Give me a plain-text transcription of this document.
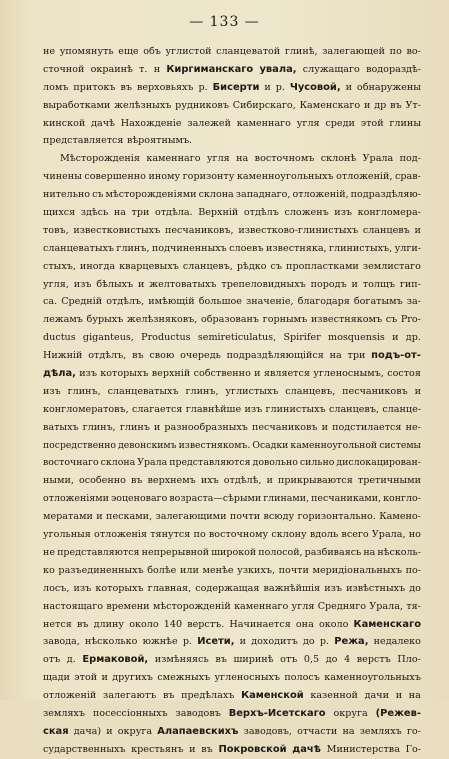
— 133 —
не упомянуть еще объ углистой сланцеватой глинѣ, залегающей по во-
сточной окраинѣ т. н Киргиманскаго увала, служащаго водораздѣ-
ломъ притокъ въ верховьяхъ р. Бисерти и р. Чусовой, и обнаружены
выработками желѣзныхъ рудниковъ Сибирскаго, Каменскаго и др въ Ут-
кинской дачѣ Нахожденіе залежей каменнаго угля среди этой глины
представляется вѣроятнымъ.
Мѣсторожденія каменнаго угля на восточномъ склонѣ Урала под-
чинены совершенно иному горизонту каменноугольныхъ отложеній, срав-
нительно съ мѣсторожденіями склона западнаго, отложеній, подраздѣляю-
щихся здѣсь на три отдѣла. Верхній отдѣлъ сложенъ изъ конгломера-
товъ, известковистыхъ песчаниковъ, известково-глинистыхъ сланцевъ и
сланцеватыхъ глинъ, подчиненныхъ слоевъ известняка, глинистыхъ, улги-
стыхъ, иногда кварцевыхъ сланцевъ, рѣдко съ пропластками землистаго
угля, изъ бѣлыхъ и желтоватыхъ трепеловидныхъ породъ и толщъ гип-
са. Средній отдѣлъ, имѣющій большое значеніе, благодаря богатымъ за-
лежамъ бурыхъ желѣзняковъ, образованъ горнымъ известнякомъ съ Pro-
ductus giganteus, Productus semireticulatus, Spirifer mosquensis и др.
Нижній отдѣлъ, въ свою очередь подраздѣляющійся на три подъ-от-
дѣла, изъ которыхъ верхній собственно и является угленоснымъ, состоя
изъ глинъ, сланцеватыхъ глинъ, углистыхъ сланцевъ, песчаниковъ и
конгломератовъ, слагается главнѣйше изъ глинистыхъ сланцевъ, сланце-
ватыхъ глинъ, глинъ и разнообразныхъ песчаниковъ и подстилается не-
посредственно девонскимъ известнякомъ. Осадки каменноугольной системы
восточнаго склона Урала представляются довольно сильно дислокацирован-
ными, особенно въ верхнемъ ихъ отдѣлѣ, и прикрываются третичными
отложеніями эоценоваго возраста—сѣрыми глинами, песчаниками, конгло-
мератами и песками, залегающими почти всюду горизонтально. Камено-
угольныя отложенія тянутся по восточному склону вдоль всего Урала, но
не представляются непрерывной широкой полосой, разбиваясь на нѣсколь-
ко разъединенныхъ болѣе или менѣе узкихъ, почти меридіональныхъ по-
лосъ, изъ которыхъ главная, содержащая важнѣйшія изъ извѣстныхъ до
настоящаго времени мѣсторожденій каменнаго угля Средняго Урала, тя-
нется въ длину около 140 верстъ. Начинается она около Каменскаго
завода, нѣсколько южнѣе р. Исети, и доходитъ до р. Режа, недалеко
отъ д. Ермаковой, измѣняясь въ ширинѣ отъ 0,5 до 4 верстъ Пло-
щади этой и другихъ смежныхъ угленосныхъ полосъ каменноугольныхъ
отложеній залегаютъ въ предѣлахъ Каменской казенной дачи и на
земляхъ посессіонныхъ заводовъ Верхъ-Исетскаго округа (Режев-
ская дача) и округа Алапаевскихъ заводовъ, отчасти на земляхъ го-
сударственныхъ крестьянъ и въ Покровской дачѣ Министерства Го-
